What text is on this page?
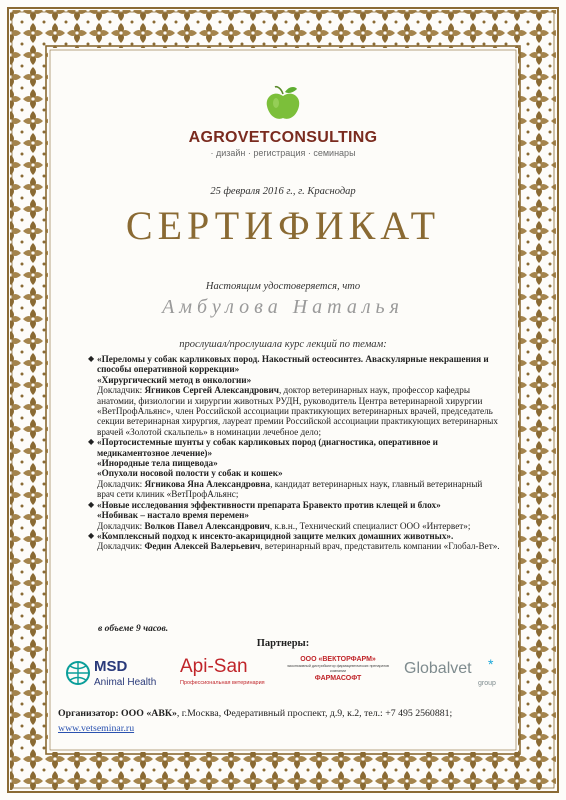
AGROVETCONSULTING
· дизайн · регистрация · семинары
25 февраля 2016 г., г. Краснодар
СЕРТИФИКАТ
Настоящим удостоверяется, что
Амбулова Наталья
прослушал/прослушала курс лекций по темам:
◆ «Переломы у собак карликовых пород. Накостный остеосинтез. Аваскулярные некрашения и способы оперативной коррекции»
«Хирургический метод в онкологии»
Докладчик: Ягников Сергей Александрович, доктор ветеринарных наук, профессор кафедры анатомии, физиологии и хирургии животных РУДН, руководитель Центра ветеринарной хирургии «ВетПрофАльянс», член Российской ассоциации практикующих ветеринарных врачей, председатель секции ветеринарная хирургия, лауреат премии Российской ассоциации практикующих ветеринарных врачей «Золотой скальпель» в номинации лечебное дело;
◆ «Портосистемные шунты у собак карликовых пород (диагностика, оперативное и медикаментозное лечение)»
«Инородные тела пищевода»
«Опухоли носовой полости у собак и кошек»
Докладчик: Ягникова Яна Александровна, кандидат ветеринарных наук, главный ветеринарный врач сети клиник «ВетПрофАльянс;
◆ «Новые исследования эффективности препарата Бравекто против клещей и блох»
«Нобивак – настало время перемен»
Докладчик: Волков Павел Александрович, к.в.н., Технический специалист ООО «Интервет»;
◆ «Комплексный подход к инсекто-акарицидной защите мелких домашних животных».
Докладчик: Федин Алексей Валерьевич, ветеринарный врач, представитель компании «Глобал-Вет».
в объеме 9 часов.
Партнеры:
MSD
Animal Health
Api-San
Профессиональная ветеринария
ООО «ВЕКТОРФАРМ»
эксклюзивный дистрибьютор фармацевтических препаратов компании
ФАРМАСОФТ
Globalvet *
group
Организатор: ООО «АВК», г.Москва, Федеративный проспект, д.9, к.2, тел.: +7 495 2560881;
www.vetseminar.ru
